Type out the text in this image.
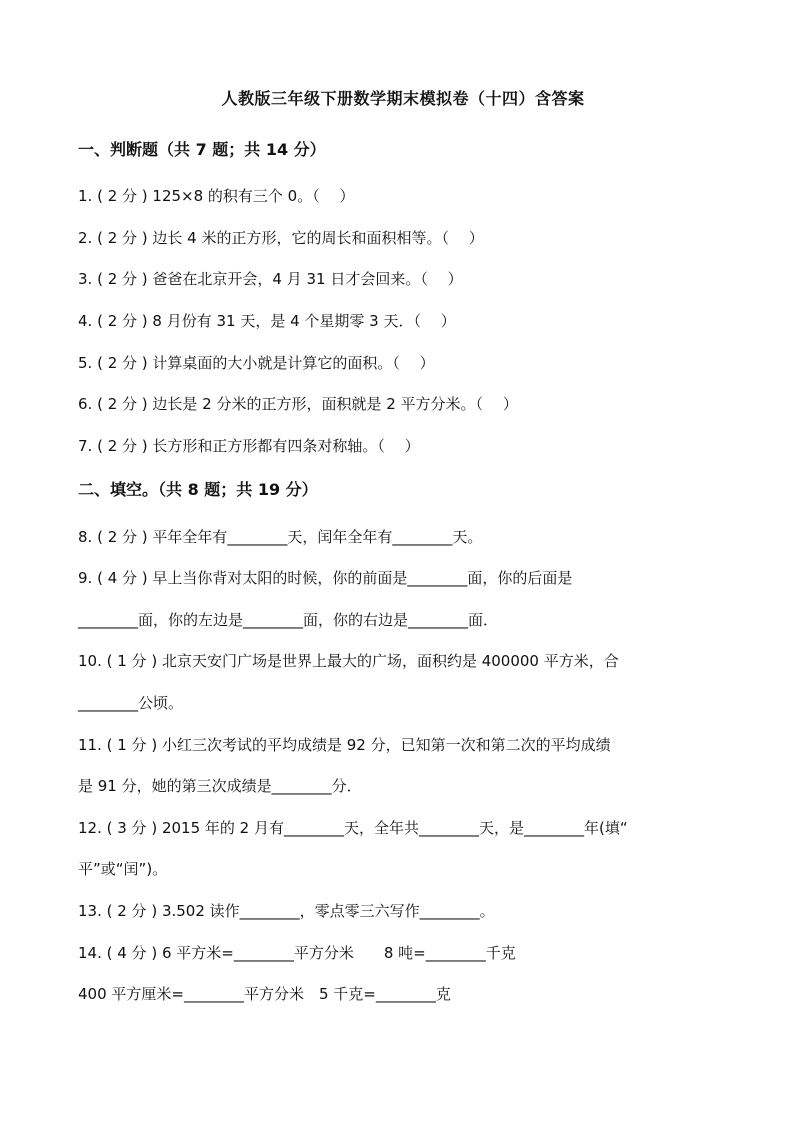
人教版三年级下册数学期末模拟卷（十四）含答案
一、判断题（共 7 题；共 14 分）
1. ( 2 分 ) 125×8 的积有三个 0。（　 ）
2. ( 2 分 ) 边长 4 米的正方形，它的周长和面积相等。（　 ）
3. ( 2 分 ) 爸爸在北京开会，4 月 31 日才会回来。（　 ）
4. ( 2 分 ) 8 月份有 31 天，是 4 个星期零 3 天．（　 ）
5. ( 2 分 ) 计算桌面的大小就是计算它的面积。（　 ）
6. ( 2 分 ) 边长是 2 分米的正方形，面积就是 2 平方分米。（　 ）
7. ( 2 分 ) 长方形和正方形都有四条对称轴。（　 ）
二、填空。（共 8 题；共 19 分）
8. ( 2 分 ) 平年全年有________天，闰年全年有________天。
9. ( 4 分 ) 早上当你背对太阳的时候，你的前面是________面，你的后面是
________面，你的左边是________面，你的右边是________面．
10. ( 1 分 ) 北京天安门广场是世界上最大的广场，面积约是 400000 平方米，合
________公顷。
11. ( 1 分 ) 小红三次考试的平均成绩是 92 分，已知第一次和第二次的平均成绩
是 91 分，她的第三次成绩是________分．
12. ( 3 分 ) 2015 年的 2 月有________天，全年共________天，是________年(填“
平”或“闰”)。
13. ( 2 分 ) 3.502 读作________，零点零三六写作________。
14. ( 4 分 ) 6 平方米=________平方分米　　8 吨=________千克
400 平方厘米=________平方分米　5 千克=________克
